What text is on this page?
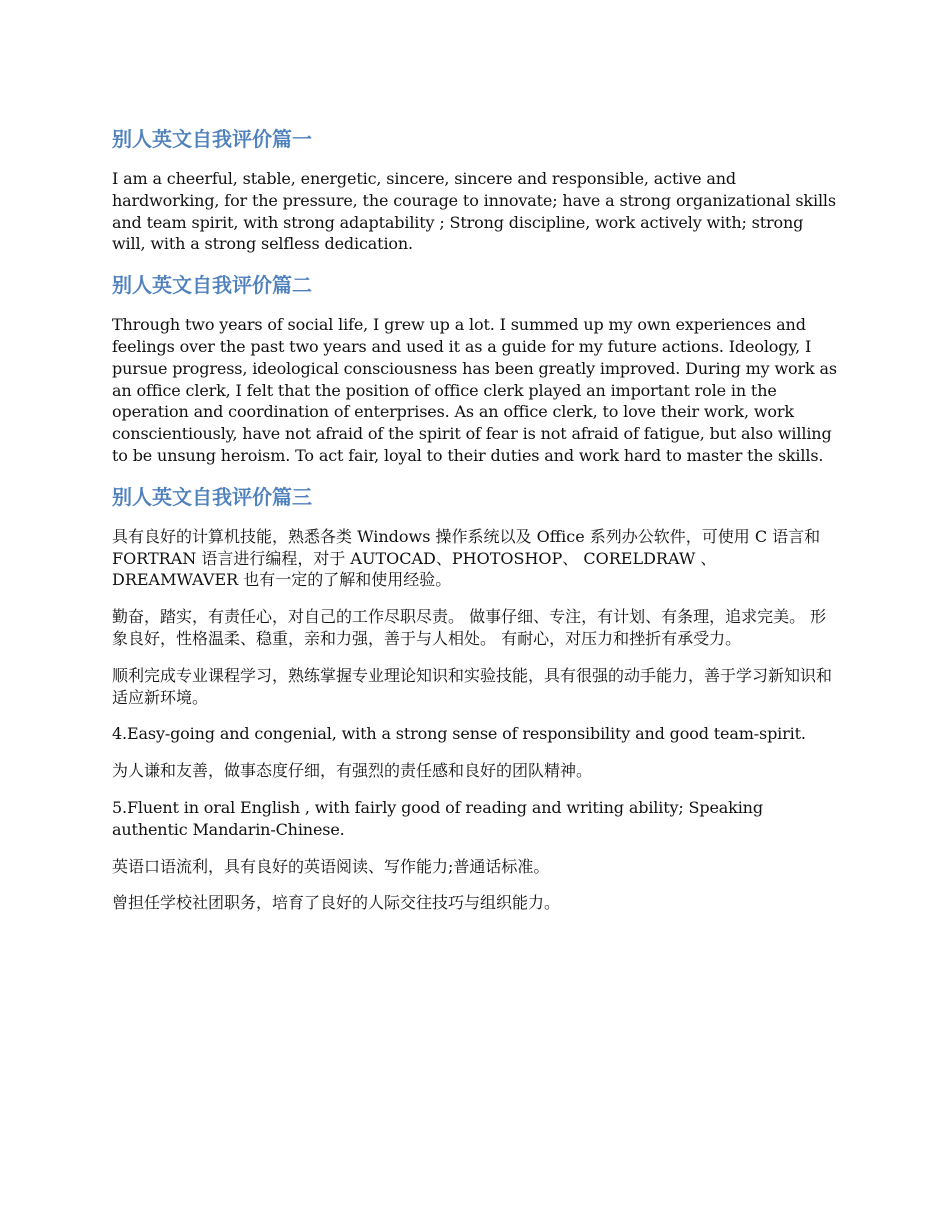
别人英文自我评价篇一

I am a cheerful, stable, energetic, sincere, sincere and responsible, active and hardworking, for the pressure, the courage to innovate; have a strong organizational skills and team spirit, with strong adaptability ; Strong discipline, work actively with; strong will, with a strong selfless dedication.

别人英文自我评价篇二

Through two years of social life, I grew up a lot. I summed up my own experiences and feelings over the past two years and used it as a guide for my future actions. Ideology, I pursue progress, ideological consciousness has been greatly improved. During my work as an office clerk, I felt that the position of office clerk played an important role in the operation and coordination of enterprises. As an office clerk, to love their work, work conscientiously, have not afraid of the spirit of fear is not afraid of fatigue, but also willing to be unsung heroism. To act fair, loyal to their duties and work hard to master the skills.

别人英文自我评价篇三

具有良好的计算机技能，熟悉各类 Windows 操作系统以及 Office 系列办公软件，可使用 C 语言和 FORTRAN 语言进行编程，对于 AUTOCAD、PHOTOSHOP、 CORELDRAW 、DREAMWAVER 也有一定的了解和使用经验。

勤奋，踏实，有责任心，对自己的工作尽职尽责。 做事仔细、专注，有计划、有条理，追求完美。 形象良好，性格温柔、稳重，亲和力强，善于与人相处。 有耐心，对压力和挫折有承受力。

顺利完成专业课程学习，熟练掌握专业理论知识和实验技能，具有很强的动手能力，善于学习新知识和适应新环境。

4.Easy-going and congenial, with a strong sense of responsibility and good team-spirit.

为人谦和友善，做事态度仔细，有强烈的责任感和良好的团队精神。

5.Fluent in oral English , with fairly good of reading and writing ability; Speaking authentic Mandarin-Chinese.

英语口语流利，具有良好的英语阅读、写作能力;普通话标准。

曾担任学校社团职务，培育了良好的人际交往技巧与组织能力。
